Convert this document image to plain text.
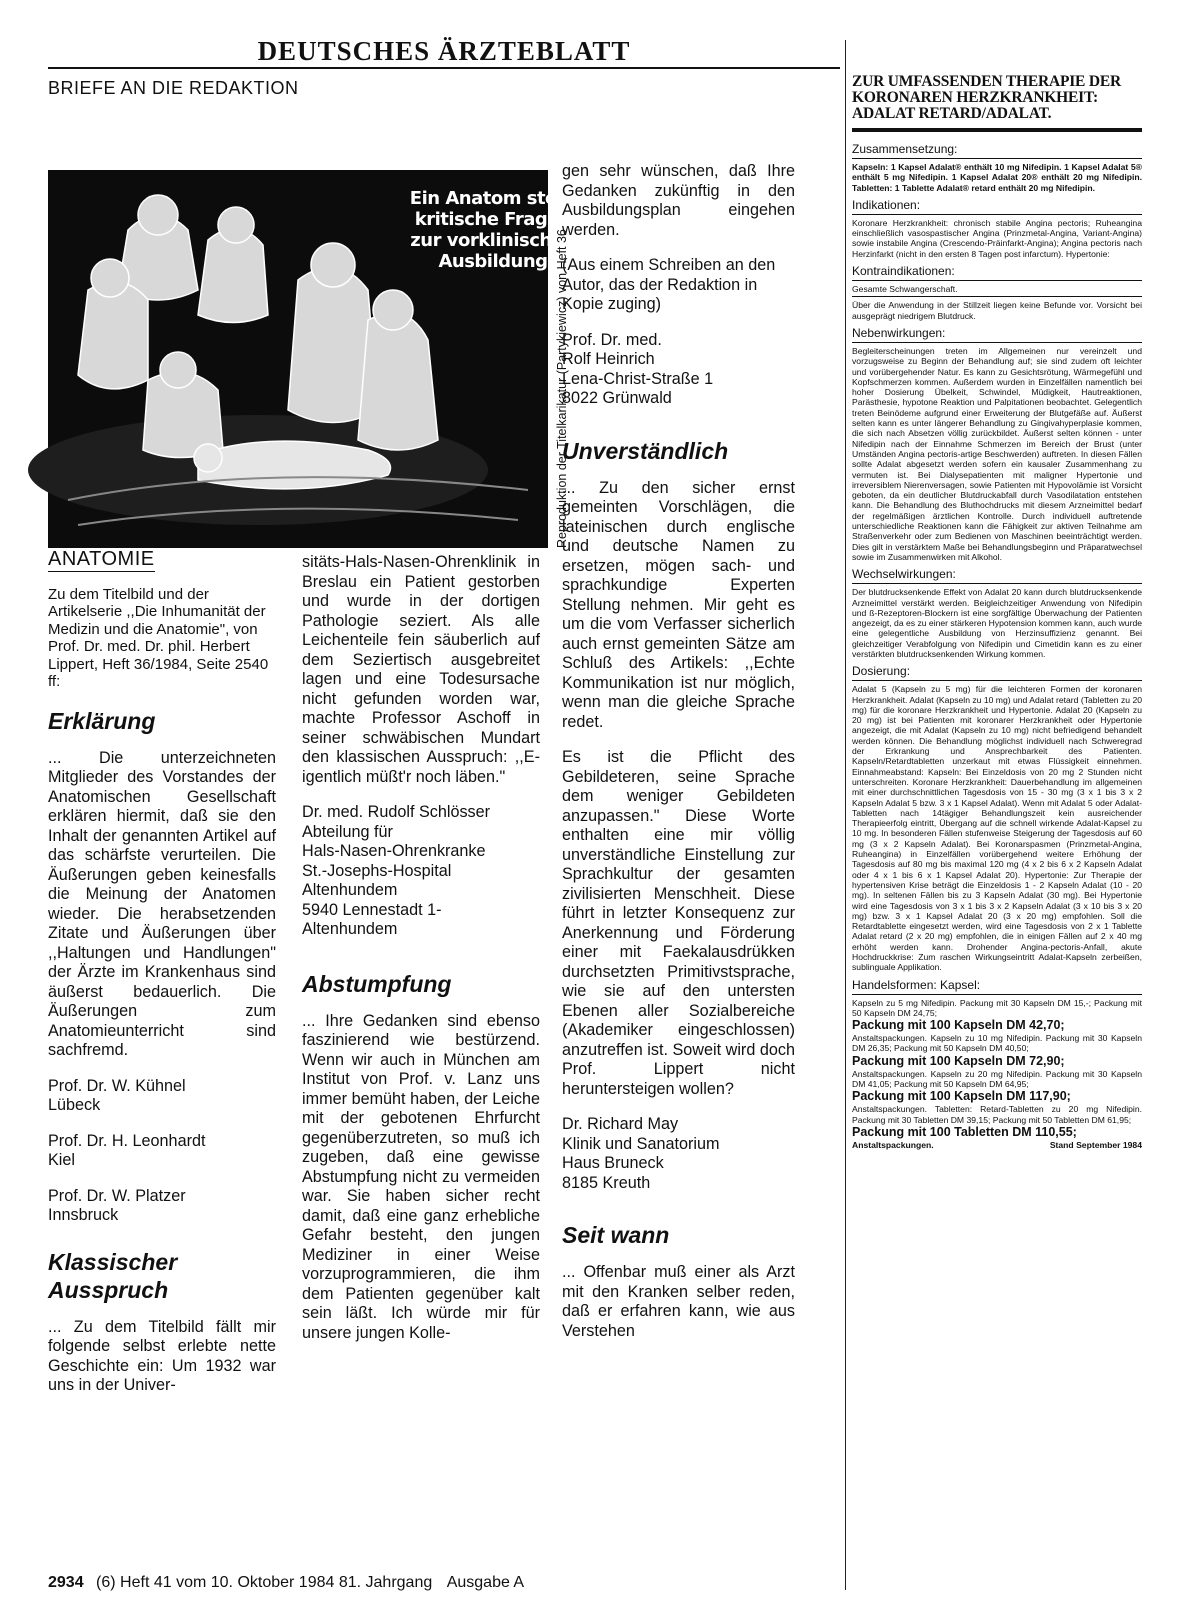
DEUTSCHES ÄRZTEBLATT
BRIEFE AN DIE REDAKTION
Ein Anatom stellt kritische Fragen zur vorklinischen Ausbildung Reproduktion der Titelkarikatur (Partykiewicz) von Heft 36
ANATOMIE

Zu dem Titelbild und der Artikelserie ,,Die Inhumanität der Medizin und die Anatomie", von Prof. Dr. med. Dr. phil. Herbert Lippert, Heft 36/1984, Seite 2540 ff:

Erklärung

... Die unterzeichneten Mitglieder des Vorstandes der Anatomischen Gesellschaft erklären hiermit, daß sie den Inhalt der genannten Artikel auf das schärfste verurteilen. Die Äußerungen geben keinesfalls die Meinung der Anatomen wieder. Die herabsetzenden Zitate und Äußerungen über ,,Haltungen und Handlungen" der Ärzte im Krankenhaus sind äußerst bedauerlich. Die Äußerungen zum Anatomieunterricht sind sachfremd.

Prof. Dr. W. Kühnel
Lübeck

Prof. Dr. H. Leonhardt
Kiel

Prof. Dr. W. Platzer
Innsbruck

Klassischer Ausspruch

... Zu dem Titelbild fällt mir folgende selbst erlebte nette Geschichte ein: Um 1932 war uns in der Univer-

sitäts-Hals-Nasen-Ohrenklinik in Breslau ein Patient gestorben und wurde in der dortigen Pathologie seziert. Als alle Leichenteile fein säuberlich auf dem Seziertisch ausgebreitet lagen und eine Todesursache nicht gefunden worden war, machte Professor Aschoff in seiner schwäbischen Mundart den klassischen Ausspruch: ,,E-igentlich müßt'r noch läben."

Dr. med. Rudolf Schlösser
Abteilung für
Hals-Nasen-Ohrenkranke
St.-Josephs-Hospital
Altenhundem
5940 Lennestadt 1-
Altenhundem

Abstumpfung

... Ihre Gedanken sind ebenso faszinierend wie bestürzend. Wenn wir auch in München am Institut von Prof. v. Lanz uns immer bemüht haben, der Leiche mit der gebotenen Ehrfurcht gegenüberzutreten, so muß ich zugeben, daß eine gewisse Abstumpfung nicht zu vermeiden war. Sie haben sicher recht damit, daß eine ganz erhebliche Gefahr besteht, den jungen Mediziner in einer Weise vorzuprogrammieren, die ihm dem Patienten gegenüber kalt sein läßt. Ich würde mir für unsere jungen Kolle-

gen sehr wünschen, daß Ihre Gedanken zukünftig in den Ausbildungsplan eingehen werden.

(Aus einem Schreiben an den Autor, das der Redaktion in Kopie zuging)

Prof. Dr. med.
Rolf Heinrich
Lena-Christ-Straße 1
8022 Grünwald

Unverständlich

... Zu den sicher ernst gemeinten Vorschlägen, die lateinischen durch englische und deutsche Namen zu ersetzen, mögen sach- und sprachkundige Experten Stellung nehmen. Mir geht es um die vom Verfasser sicherlich auch ernst gemeinten Sätze am Schluß des Artikels: ,,Echte Kommunikation ist nur möglich, wenn man die gleiche Sprache redet.

Es ist die Pflicht des Gebildeteren, seine Sprache dem weniger Gebildeten anzupassen." Diese Worte enthalten eine mir völlig unverständliche Einstellung zur Sprachkultur der gesamten zivilisierten Menschheit. Diese führt in letzter Konsequenz zur Anerkennung und Förderung einer mit Faekalausdrükken durchsetzten Primitivstsprache, wie sie auf den untersten Ebenen aller Sozialbereiche (Akademiker eingeschlossen) anzutreffen ist. Soweit wird doch Prof. Lippert nicht heruntersteigen wollen?

Dr. Richard May
Klinik und Sanatorium
Haus Bruneck
8185 Kreuth

Seit wann

... Offenbar muß einer als Arzt mit den Kranken selber reden, daß er erfahren kann, wie aus Verstehen

ZUR UMFASSENDEN THERAPIE DER KORONAREN HERZKRANKHEIT: ADALAT RETARD/ADALAT.
Zusammensetzung:
Kapseln: 1 Kapsel Adalat® enthält 10 mg Nifedipin. 1 Kapsel Adalat 5® enthält 5 mg Nifedipin. 1 Kapsel Adalat 20® enthält 20 mg Nifedipin. Tabletten: 1 Tablette Adalat® retard enthält 20 mg Nifedipin.
Indikationen:
Koronare Herzkrankheit: chronisch stabile Angina pectoris; Ruheangina einschließlich vasospastischer Angina (Prinzmetal-Angina, Variant-Angina) sowie instabile Angina (Crescendo-Präinfarkt-Angina); Angina pectoris nach Herzinfarkt (nicht in den ersten 8 Tagen post infarctum). Hypertonie:
Kontraindikationen:
Gesamte Schwangerschaft.
Über die Anwendung in der Stillzeit liegen keine Befunde vor. Vorsicht bei ausgeprägt niedrigem Blutdruck.
Nebenwirkungen:
Begleiterscheinungen treten im Allgemeinen nur vereinzelt und vorzugsweise zu Beginn der Behandlung auf; sie sind zudem oft leichter und vorübergehender Natur. Es kann zu Gesichtsrötung, Wärmegefühl und Kopfschmerzen kommen. Außerdem wurden in Einzelfällen namentlich bei hoher Dosierung Übelkeit, Schwindel, Müdigkeit, Hautreaktionen, Parästhesie, hypotone Reaktion und Palpitationen beobachtet. Gelegentlich treten Beinödeme aufgrund einer Erweiterung der Blutgefäße auf. Äußerst selten kann es unter längerer Behandlung zu Gingivahyperplasie kommen, die sich nach Absetzen völlig zurückbildet. Äußerst selten können - unter Nifedipin nach der Einnahme Schmerzen im Bereich der Brust (unter Umständen Angina pectoris-artige Beschwerden) auftreten. In diesen Fällen sollte Adalat abgesetzt werden sofern ein kausaler Zusammenhang zu vermuten ist. Bei Dialysepatienten mit maligner Hypertonie und irreversiblem Nierenversagen, sowie Patienten mit Hypovolämie ist Vorsicht geboten, da ein deutlicher Blutdruckabfall durch Vasodilatation entstehen kann. Die Behandlung des Bluthochdrucks mit diesem Arzneimittel bedarf der regelmäßigen ärztlichen Kontrolle. Durch individuell auftretende unterschiedliche Reaktionen kann die Fähigkeit zur aktiven Teilnahme am Straßenverkehr oder zum Bedienen von Maschinen beeinträchtigt werden. Dies gilt in verstärktem Maße bei Behandlungsbeginn und Präparatwechsel sowie im Zusammenwirken mit Alkohol.
Wechselwirkungen:
Der blutdrucksenkende Effekt von Adalat 20 kann durch blutdrucksenkende Arzneimittel verstärkt werden. Beigleichzeitiger Anwendung von Nifedipin und ß-Rezeptoren-Blockern ist eine sorgfältige Überwachung der Patienten angezeigt, da es zu einer stärkeren Hypotension kommen kann, auch wurde eine gelegentliche Ausbildung von Herzinsuffizienz genannt. Bei gleichzeitiger Verabfolgung von Nifedipin und Cimetidin kann es zu einer verstärkten blutdrucksenkenden Wirkung kommen.
Dosierung:
Adalat 5 (Kapseln zu 5 mg) für die leichteren Formen der koronaren Herzkrankheit. Adalat (Kapseln zu 10 mg) und Adalat retard (Tabletten zu 20 mg) für die koronare Herzkrankheit und Hypertonie. Adalat 20 (Kapseln zu 20 mg) ist bei Patienten mit koronarer Herzkrankheit oder Hypertonie angezeigt, die mit Adalat (Kapseln zu 10 mg) nicht befriedigend behandelt werden können. Die Behandlung möglichst individuell nach Schweregrad der Erkrankung und Ansprechbarkeit des Patienten. Kapseln/Retardtabletten unzerkaut mit etwas Flüssigkeit einnehmen. Einnahmeabstand: Kapseln: Bei Einzeldosis von 20 mg 2 Stunden nicht unterschreiten. Koronare Herzkrankheit: Dauerbehandlung im allgemeinen mit einer durchschnittlichen Tagesdosis von 15 - 30 mg (3 x 1 bis 3 x 2 Kapseln Adalat 5 bzw. 3 x 1 Kapsel Adalat). Wenn mit Adalat 5 oder Adalat-Tabletten nach 14tägiger Behandlungszeit kein ausreichender Therapieerfolg eintritt, Übergang auf die schnell wirkende Adalat-Kapsel zu 10 mg. In besonderen Fällen stufenweise Steigerung der Tagesdosis auf 60 mg (3 x 2 Kapseln Adalat). Bei Koronarspasmen (Prinzmetal-Angina, Ruheangina) in Einzelfällen vorübergehend weitere Erhöhung der Tagesdosis auf 80 mg bis maximal 120 mg (4 x 2 bis 6 x 2 Kapseln Adalat oder 4 x 1 bis 6 x 1 Kapsel Adalat 20). Hypertonie: Zur Therapie der hypertensiven Krise beträgt die Einzeldosis 1 - 2 Kapseln Adalat (10 - 20 mg). In seltenen Fällen bis zu 3 Kapseln Adalat (30 mg). Bei Hypertonie wird eine Tagesdosis von 3 x 1 bis 3 x 2 Kapseln Adalat (3 x 10 bis 3 x 20 mg) bzw. 3 x 1 Kapsel Adalat 20 (3 x 20 mg) empfohlen. Soll die Retardtablette eingesetzt werden, wird eine Tagesdosis von 2 x 1 Tablette Adalat retard (2 x 20 mg) empfohlen, die in einigen Fällen auf 2 x 40 mg erhöht werden kann. Drohender Angina-pectoris-Anfall, akute Hochdruckkrise: Zum raschen Wirkungseintritt Adalat-Kapseln zerbeißen, sublinguale Applikation.
Handelsformen: Kapsel:
Kapseln zu 5 mg Nifedipin. Packung mit 30 Kapseln DM 15,-; Packung mit 50 Kapseln DM 24,75;
Packung mit 100 Kapseln DM 42,70;
Anstaltspackungen. Kapseln zu 10 mg Nifedipin. Packung mit 30 Kapseln DM 26,35; Packung mit 50 Kapseln DM 40,50;
Packung mit 100 Kapseln DM 72,90;
Anstaltspackungen. Kapseln zu 20 mg Nifedipin. Packung mit 30 Kapseln DM 41,05; Packung mit 50 Kapseln DM 64,95;
Packung mit 100 Kapseln DM 117,90;
Anstaltspackungen. Tabletten: Retard-Tabletten zu 20 mg Nifedipin. Packung mit 30 Tabletten DM 39,15; Packung mit 50 Tabletten DM 61,95;
Packung mit 100 Tabletten DM 110,55;
Anstaltspackungen.	Stand September 1984
2934 (6) Heft 41 vom 10. Oktober 1984 81. Jahrgang Ausgabe A
